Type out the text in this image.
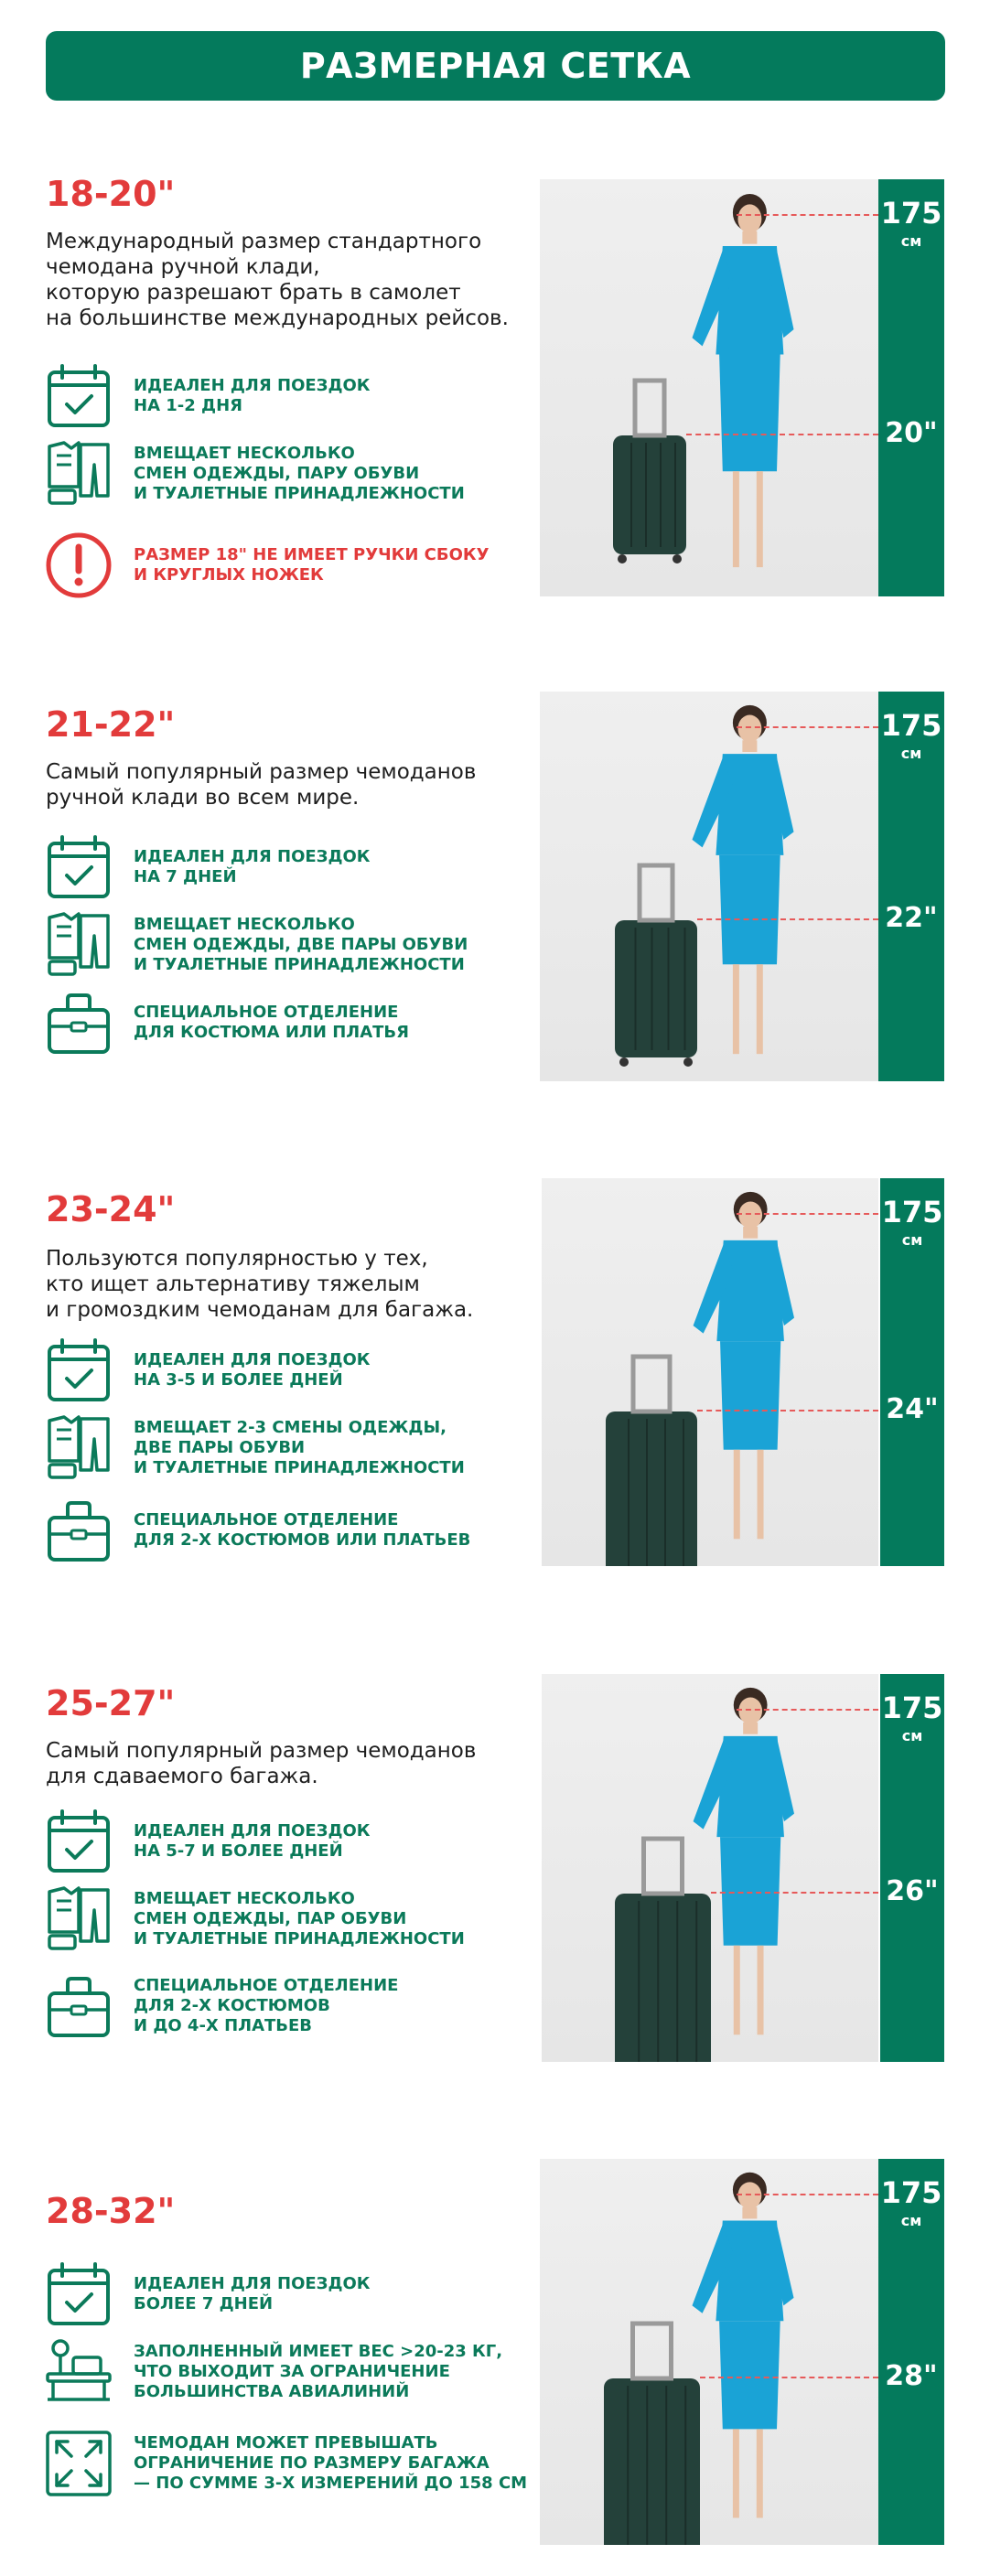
РАЗМЕРНАЯ СЕТКА
18-20"
Международный размер стандартного
чемодана ручной клади,
которую разрешают брать в самолет
на большинстве международных рейсов.
ИДЕАЛЕН ДЛЯ ПОЕЗДОК
НА 1-2 ДНЯ
ВМЕЩАЕТ НЕСКОЛЬКО
СМЕН ОДЕЖДЫ, ПАРУ ОБУВИ
И ТУАЛЕТНЫЕ ПРИНАДЛЕЖНОСТИ
РАЗМЕР 18" НЕ ИМЕЕТ РУЧКИ СБОКУ
И КРУГЛЫХ НОЖЕК
21-22"
Самый популярный размер чемоданов
ручной клади во всем мире.
ИДЕАЛЕН ДЛЯ ПОЕЗДОК
НА 7 ДНЕЙ
ВМЕЩАЕТ НЕСКОЛЬКО
СМЕН ОДЕЖДЫ, ДВЕ ПАРЫ ОБУВИ
И ТУАЛЕТНЫЕ ПРИНАДЛЕЖНОСТИ
СПЕЦИАЛЬНОЕ ОТДЕЛЕНИЕ
ДЛЯ КОСТЮМА ИЛИ ПЛАТЬЯ
23-24"
Пользуются популярностью у тех,
кто ищет альтернативу тяжелым
и громоздким чемоданам для багажа.
ИДЕАЛЕН ДЛЯ ПОЕЗДОК
НА 3-5 И БОЛЕЕ ДНЕЙ
ВМЕЩАЕТ 2-3 СМЕНЫ ОДЕЖДЫ,
ДВЕ ПАРЫ ОБУВИ
И ТУАЛЕТНЫЕ ПРИНАДЛЕЖНОСТИ
СПЕЦИАЛЬНОЕ ОТДЕЛЕНИЕ
ДЛЯ 2-Х КОСТЮМОВ ИЛИ ПЛАТЬЕВ
25-27"
Самый популярный размер чемоданов
для сдаваемого багажа.
ИДЕАЛЕН ДЛЯ ПОЕЗДОК
НА 5-7 И БОЛЕЕ ДНЕЙ
ВМЕЩАЕТ НЕСКОЛЬКО
СМЕН ОДЕЖДЫ, ПАР ОБУВИ
И ТУАЛЕТНЫЕ ПРИНАДЛЕЖНОСТИ
СПЕЦИАЛЬНОЕ ОТДЕЛЕНИЕ
ДЛЯ 2-Х КОСТЮМОВ
И ДО 4-Х ПЛАТЬЕВ
28-32"
ИДЕАЛЕН ДЛЯ ПОЕЗДОК
БОЛЕЕ 7 ДНЕЙ
ЗАПОЛНЕННЫЙ ИМЕЕТ ВЕС >20-23 КГ,
ЧТО ВЫХОДИТ ЗА ОГРАНИЧЕНИЕ
БОЛЬШИНСТВА АВИАЛИНИЙ
ЧЕМОДАН МОЖЕТ ПРЕВЫШАТЬ
ОГРАНИЧЕНИЕ ПО РАЗМЕРУ БАГАЖА
— ПО СУММЕ 3-Х ИЗМЕРЕНИЙ ДО 158 СМ
175
см
20"
175
см
22"
175
см
24"
175
см
26"
175
см
28"
